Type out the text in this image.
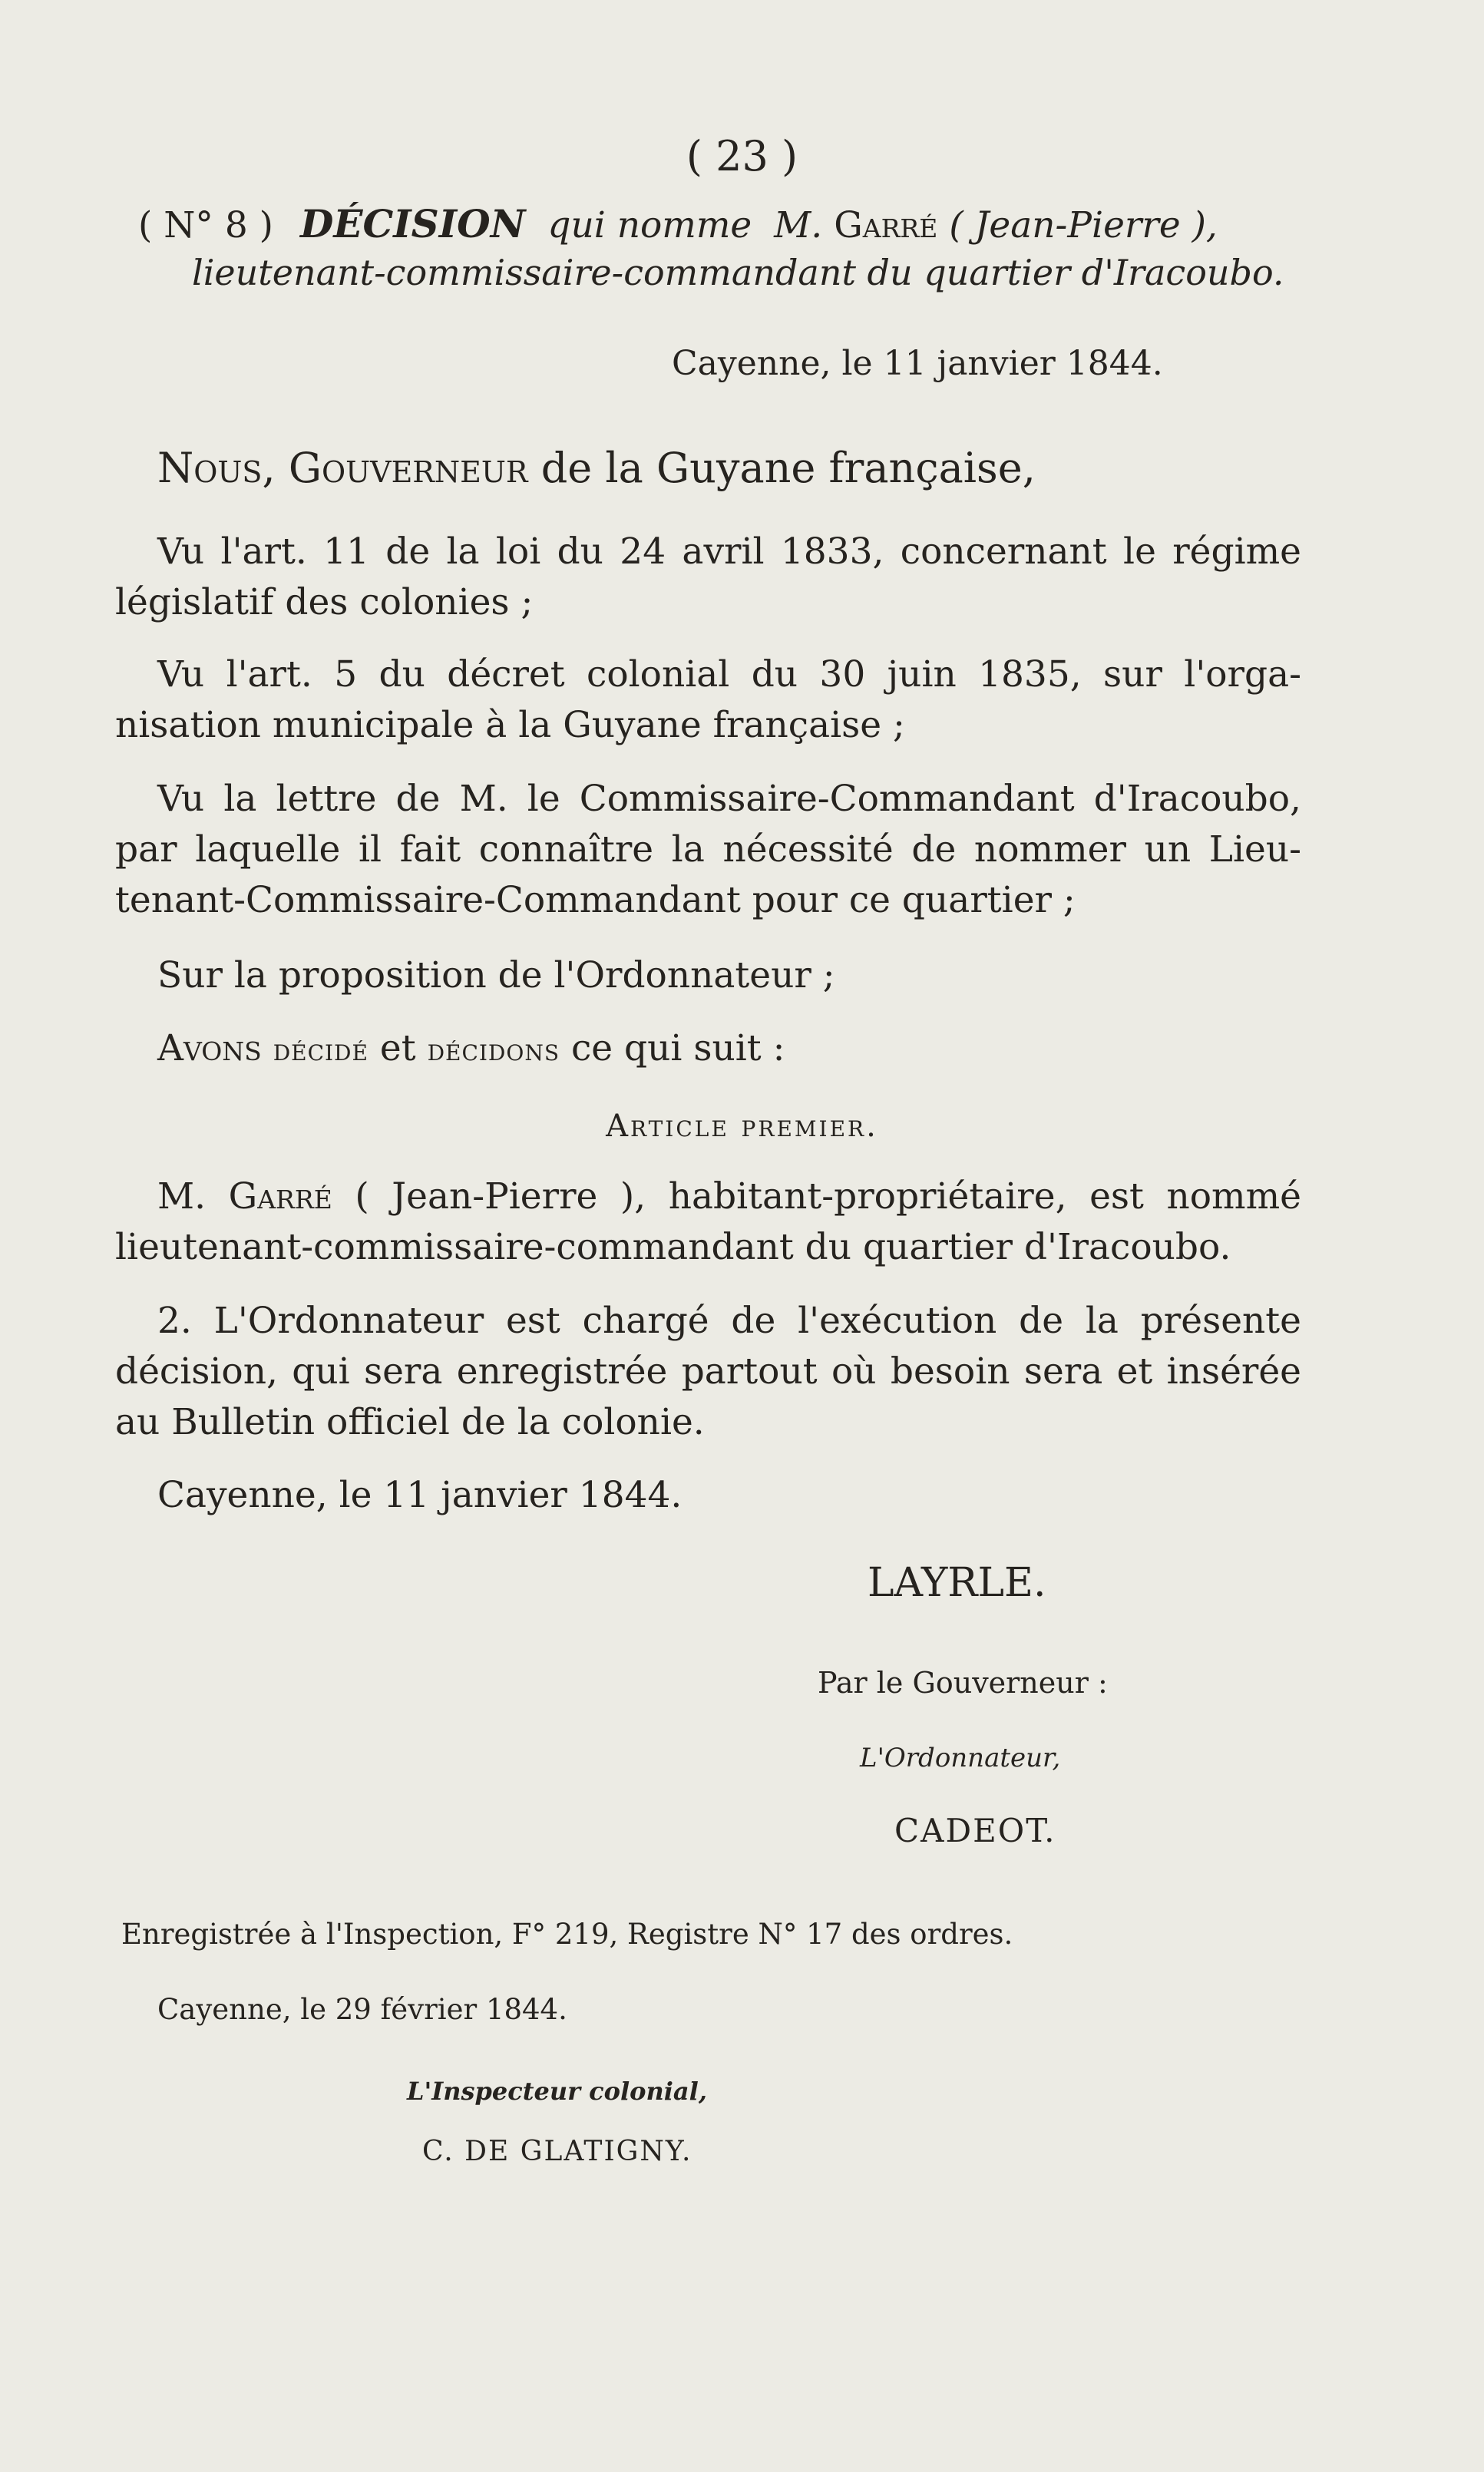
( 23 )
( N° 8 ) DÉCISION qui nomme M. Garré ( Jean-Pierre ),
lieutenant-commissaire-commandant du quartier d'Iracoubo.
Cayenne, le 11 janvier 1844.
Nous, Gouverneur de la Guyane française,
Vu l'art. 11 de la loi du 24 avril 1833, concernant le régime
législatif des colonies ;
Vu l'art. 5 du décret colonial du 30 juin 1835, sur l'orga-
nisation municipale à la Guyane française ;
Vu la lettre de M. le Commissaire-Commandant d'Iracoubo,
par laquelle il fait connaître la nécessité de nommer un Lieu-
tenant-Commissaire-Commandant pour ce quartier ;
Sur la proposition de l'Ordonnateur ;
Avons décidé et décidons ce qui suit :
Article premier.
M. Garré ( Jean-Pierre ), habitant-propriétaire, est nommé
lieutenant-commissaire-commandant du quartier d'Iracoubo.
2. L'Ordonnateur est chargé de l'exécution de la présente
décision, qui sera enregistrée partout où besoin sera et insérée
au Bulletin officiel de la colonie.
Cayenne, le 11 janvier 1844.
LAYRLE.
Par le Gouverneur :
L'Ordonnateur,
CADEOT.
Enregistrée à l'Inspection, F° 219, Registre N° 17 des ordres.
Cayenne, le 29 février 1844.
L'Inspecteur colonial,
C. DE GLATIGNY.
